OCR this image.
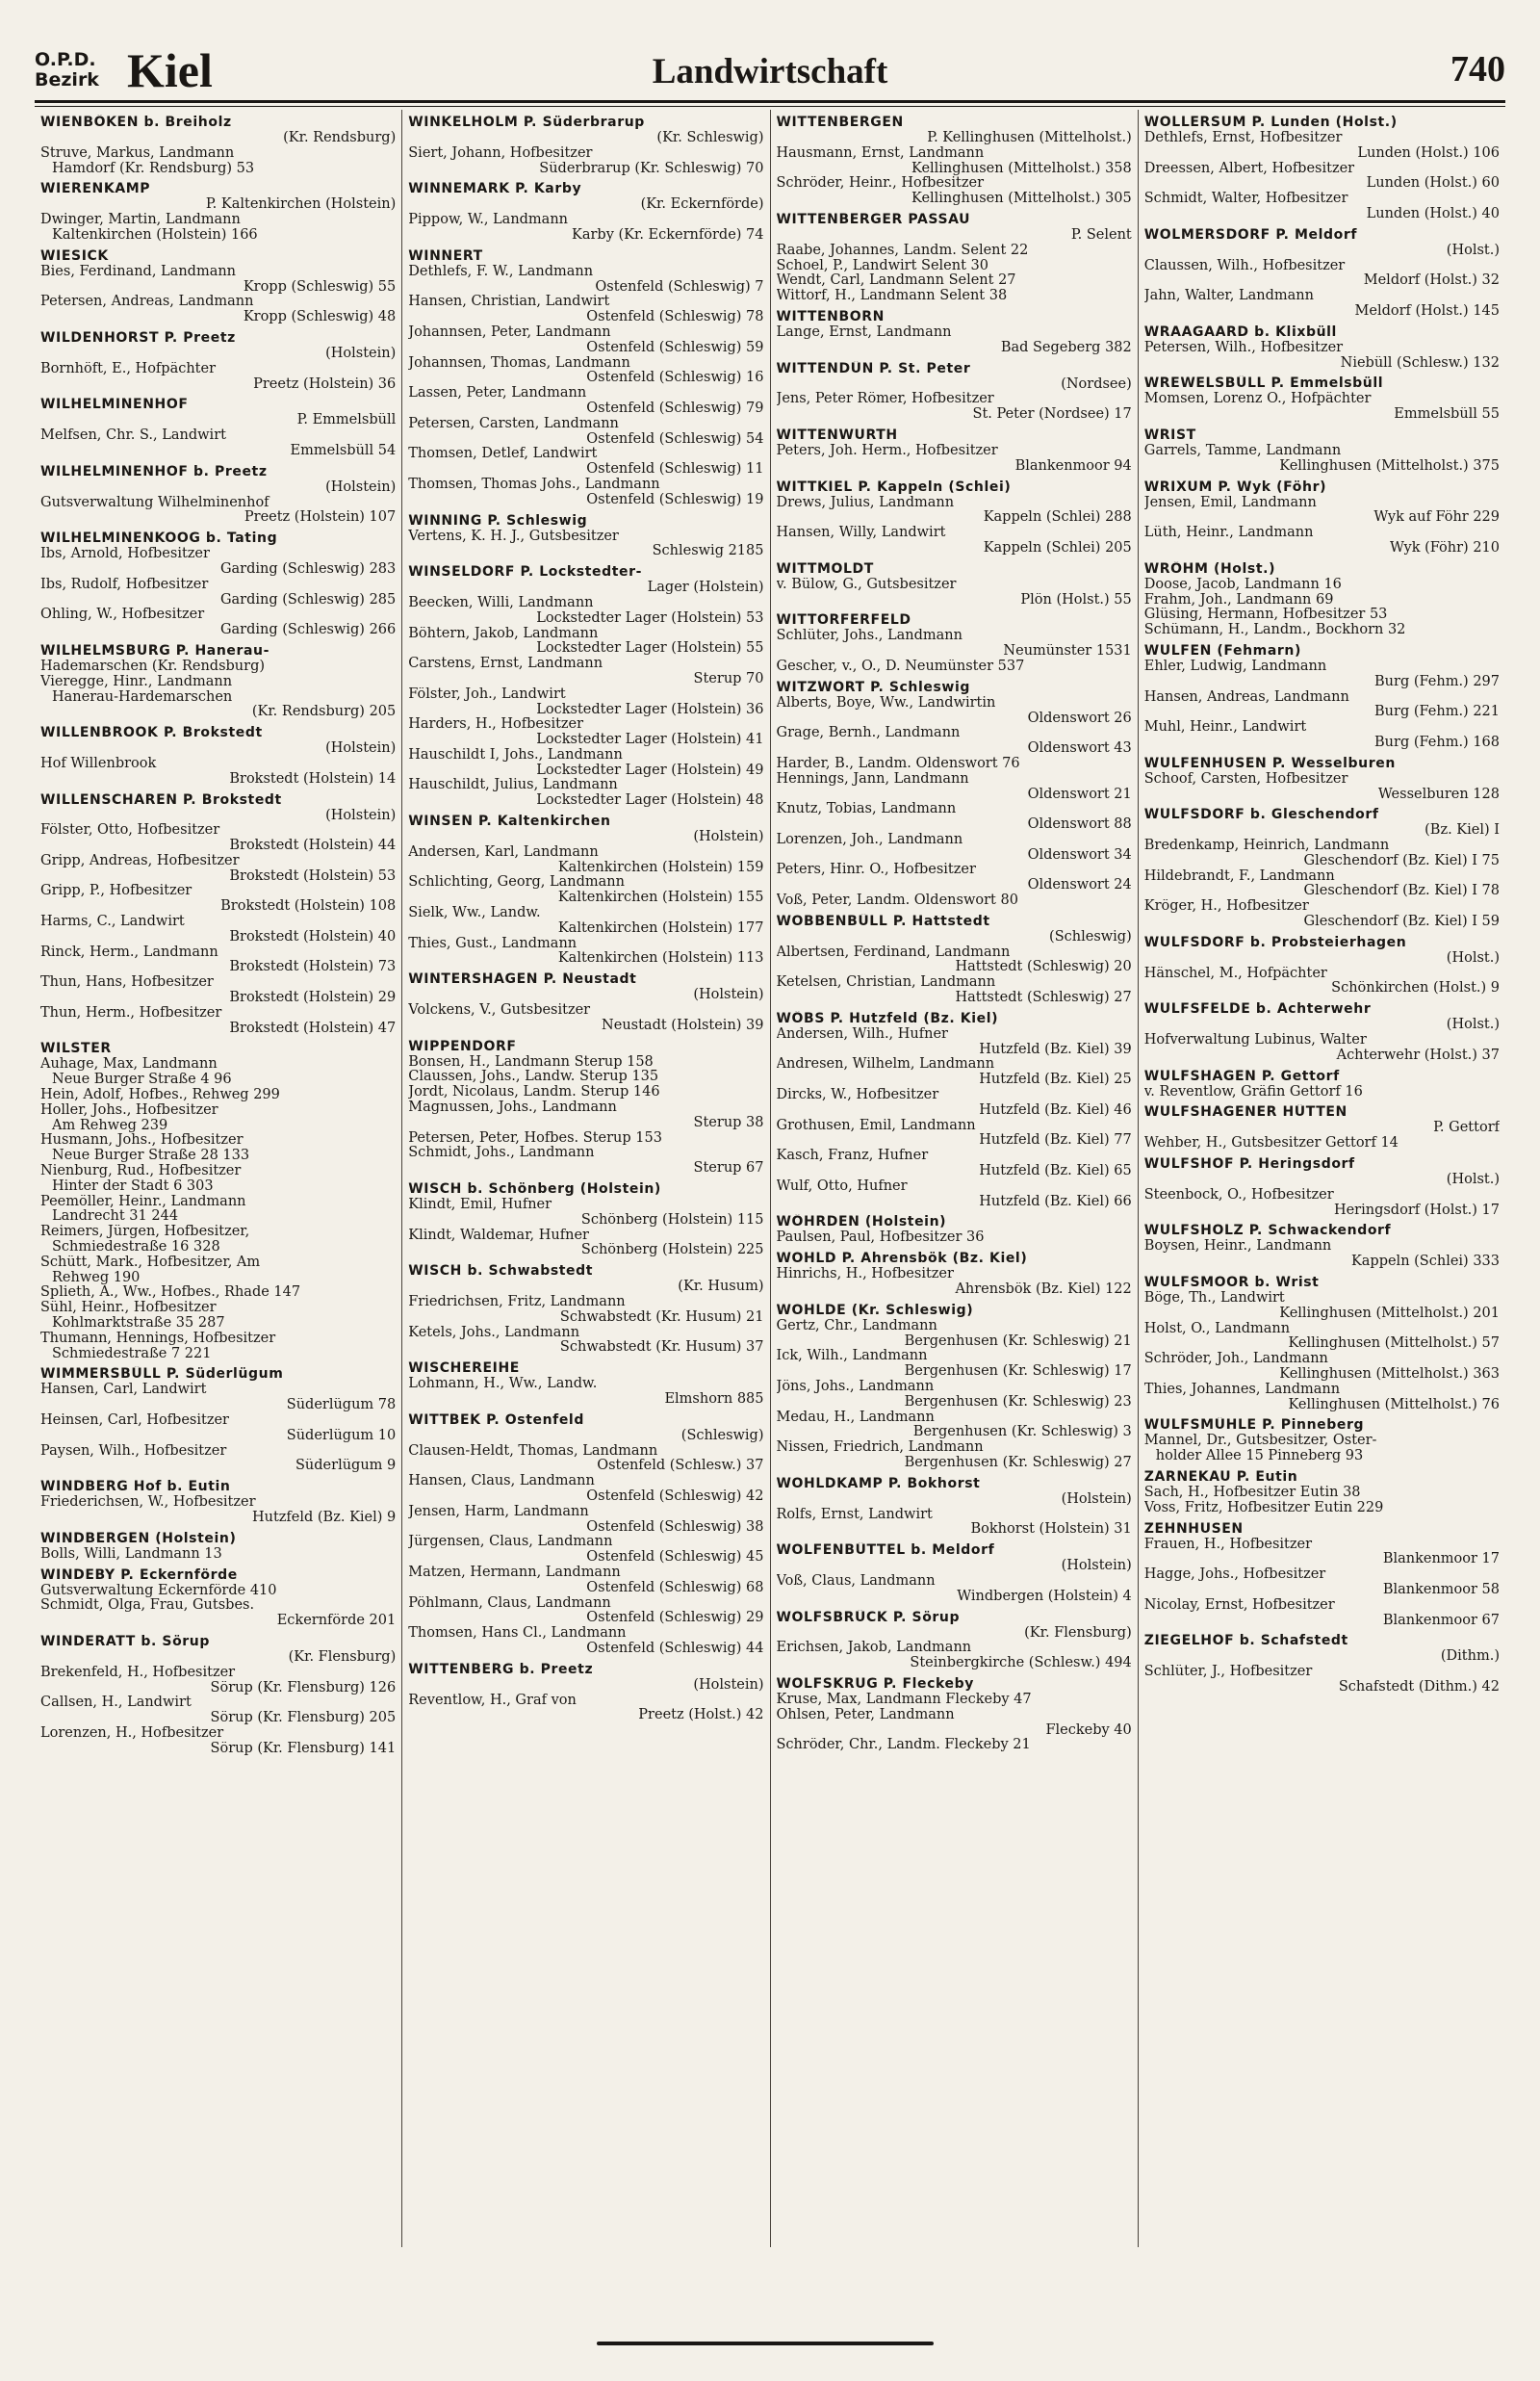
O.P.D.
Bezirk Kiel	Landwirtschaft	740
WIENBÖKEN b. Breiholz
(Kr. Rendsburg)
Struve, Markus, Landmann
Hamdorf (Kr. Rendsburg) 53
WIERENKAMP
P. Kaltenkirchen (Holstein)
Dwinger, Martin, Landmann
Kaltenkirchen (Holstein) 166
WIESICK
Bies, Ferdinand, Landmann
Kropp (Schleswig) 55
Petersen, Andreas, Landmann
Kropp (Schleswig) 48
WILDENHORST P. Preetz
(Holstein)
Bornhöft, E., Hofpächter
Preetz (Holstein) 36
WILHELMINENHOF
P. Emmelsbüll
Melfsen, Chr. S., Landwirt
Emmelsbüll 54
WILHELMINENHOF b. Preetz
(Holstein)
Gutsverwaltung Wilhelminenhof
Preetz (Holstein) 107
WILHELMINENKOOG b. Tating
Ibs, Arnold, Hofbesitzer
Garding (Schleswig) 283
Ibs, Rudolf, Hofbesitzer
Garding (Schleswig) 285
Ohling, W., Hofbesitzer
Garding (Schleswig) 266
WILHELMSBURG P. Hanerau-
Hademarschen (Kr. Rendsburg)
Vieregge, Hinr., Landmann
Hanerau-Hardemarschen
(Kr. Rendsburg) 205
WILLENBROOK P. Brokstedt
(Holstein)
Hof Willenbrook
Brokstedt (Holstein) 14
WILLENSCHAREN P. Brokstedt
(Holstein)
Fölster, Otto, Hofbesitzer
Brokstedt (Holstein) 44
Gripp, Andreas, Hofbesitzer
Brokstedt (Holstein) 53
Gripp, P., Hofbesitzer
Brokstedt (Holstein) 108
Harms, C., Landwirt
Brokstedt (Holstein) 40
Rinck, Herm., Landmann
Brokstedt (Holstein) 73
Thun, Hans, Hofbesitzer
Brokstedt (Holstein) 29
Thun, Herm., Hofbesitzer
Brokstedt (Holstein) 47
WILSTER
Auhage, Max, Landmann
Neue Burger Straße 4 96
Hein, Adolf, Hofbes., Rehweg 299
Holler, Johs., Hofbesitzer
Am Rehweg 239
Husmann, Johs., Hofbesitzer
Neue Burger Straße 28 133
Nienburg, Rud., Hofbesitzer
Hinter der Stadt 6 303
Peemöller, Heinr., Landmann
Landrecht 31 244
Reimers, Jürgen, Hofbesitzer,
Schmiedestraße 16 328
Schütt, Mark., Hofbesitzer, Am
Rehweg 190
Splieth, A., Ww., Hofbes., Rhade 147
Sühl, Heinr., Hofbesitzer
Kohlmarktstraße 35 287
Thumann, Hennings, Hofbesitzer
Schmiedestraße 7 221
WIMMERSBÜLL P. Süderlügum
Hansen, Carl, Landwirt
Süderlügum 78
Heinsen, Carl, Hofbesitzer
Süderlügum 10
Paysen, Wilh., Hofbesitzer
Süderlügum 9
WINDBERG Hof b. Eutin
Friederichsen, W., Hofbesitzer
Hutzfeld (Bz. Kiel) 9
WINDBERGEN (Holstein)
Bolls, Willi, Landmann 13
WINDEBY P. Eckernförde
Gutsverwaltung Eckernförde 410
Schmidt, Olga, Frau, Gutsbes.
Eckernförde 201
WINDERATT b. Sörup
(Kr. Flensburg)
Brekenfeld, H., Hofbesitzer
Sörup (Kr. Flensburg) 126
Callsen, H., Landwirt
Sörup (Kr. Flensburg) 205
Lorenzen, H., Hofbesitzer
Sörup (Kr. Flensburg) 141
WINKELHOLM P. Süderbrarup
(Kr. Schleswig)
Siert, Johann, Hofbesitzer
Süderbrarup (Kr. Schleswig) 70
WINNEMARK P. Karby
(Kr. Eckernförde)
Pippow, W., Landmann
Karby (Kr. Eckernförde) 74
WINNERT
Dethlefs, F. W., Landmann
Ostenfeld (Schleswig) 7
Hansen, Christian, Landwirt
Ostenfeld (Schleswig) 78
Johannsen, Peter, Landmann
Ostenfeld (Schleswig) 59
Johannsen, Thomas, Landmann
Ostenfeld (Schleswig) 16
Lassen, Peter, Landmann
Ostenfeld (Schleswig) 79
Petersen, Carsten, Landmann
Ostenfeld (Schleswig) 54
Thomsen, Detlef, Landwirt
Ostenfeld (Schleswig) 11
Thomsen, Thomas Johs., Landmann
Ostenfeld (Schleswig) 19
WINNING P. Schleswig
Vertens, K. H. J., Gutsbesitzer
Schleswig 2185
WINSELDORF P. Lockstedter-
Lager (Holstein)
Beecken, Willi, Landmann
Lockstedter Lager (Holstein) 53
Böhtern, Jakob, Landmann
Lockstedter Lager (Holstein) 55
Carstens, Ernst, Landmann
Sterup 70
Fölster, Joh., Landwirt
Lockstedter Lager (Holstein) 36
Harders, H., Hofbesitzer
Lockstedter Lager (Holstein) 41
Hauschildt I, Johs., Landmann
Lockstedter Lager (Holstein) 49
Hauschildt, Julius, Landmann
Lockstedter Lager (Holstein) 48
WINSEN P. Kaltenkirchen
(Holstein)
Andersen, Karl, Landmann
Kaltenkirchen (Holstein) 159
Schlichting, Georg, Landmann
Kaltenkirchen (Holstein) 155
Sielk, Ww., Landw.
Kaltenkirchen (Holstein) 177
Thies, Gust., Landmann
Kaltenkirchen (Holstein) 113
WINTERSHAGEN P. Neustadt
(Holstein)
Volckens, V., Gutsbesitzer
Neustadt (Holstein) 39
WIPPENDORF
Bonsen, H., Landmann Sterup 158
Claussen, Johs., Landw. Sterup 135
Jordt, Nicolaus, Landm. Sterup 146
Magnussen, Johs., Landmann
Sterup 38
Petersen, Peter, Hofbes. Sterup 153
Schmidt, Johs., Landmann
Sterup 67
WISCH b. Schönberg (Holstein)
Klindt, Emil, Hufner
Schönberg (Holstein) 115
Klindt, Waldemar, Hufner
Schönberg (Holstein) 225
WISCH b. Schwabstedt
(Kr. Husum)
Friedrichsen, Fritz, Landmann
Schwabstedt (Kr. Husum) 21
Ketels, Johs., Landmann
Schwabstedt (Kr. Husum) 37
WISCHEREIHE
Lohmann, H., Ww., Landw.
Elmshorn 885
WITTBEK P. Ostenfeld
(Schleswig)
Clausen-Heldt, Thomas, Landmann
Ostenfeld (Schlesw.) 37
Hansen, Claus, Landmann
Ostenfeld (Schleswig) 42
Jensen, Harm, Landmann
Ostenfeld (Schleswig) 38
Jürgensen, Claus, Landmann
Ostenfeld (Schleswig) 45
Matzen, Hermann, Landmann
Ostenfeld (Schleswig) 68
Pöhlmann, Claus, Landmann
Ostenfeld (Schleswig) 29
Thomsen, Hans Cl., Landmann
Ostenfeld (Schleswig) 44
WITTENBERG b. Preetz
(Holstein)
Reventlow, H., Graf von
Preetz (Holst.) 42
WITTENBERGEN
P. Kellinghusen (Mittelholst.)
Hausmann, Ernst, Landmann
Kellinghusen (Mittelholst.) 358
Schröder, Heinr., Hofbesitzer
Kellinghusen (Mittelholst.) 305
WITTENBERGER PASSAU
P. Selent
Raabe, Johannes, Landm. Selent 22
Schoel, P., Landwirt Selent 30
Wendt, Carl, Landmann Selent 27
Wittorf, H., Landmann Selent 38
WITTENBORN
Lange, Ernst, Landmann
Bad Segeberg 382
WITTENDÜN P. St. Peter
(Nordsee)
Jens, Peter Römer, Hofbesitzer
St. Peter (Nordsee) 17
WITTENWURTH
Peters, Joh. Herm., Hofbesitzer
Blankenmoor 94
WITTKIEL P. Kappeln (Schlei)
Drews, Julius, Landmann
Kappeln (Schlei) 288
Hansen, Willy, Landwirt
Kappeln (Schlei) 205
WITTMOLDT
v. Bülow, G., Gutsbesitzer
Plön (Holst.) 55
WITTORFERFELD
Schlüter, Johs., Landmann
Neumünster 1531
Gescher, v., O., D. Neumünster 537
WITZWORT P. Schleswig
Alberts, Boye, Ww., Landwirtin
Oldenswort 26
Grage, Bernh., Landmann
Oldenswort 43
Harder, B., Landm. Oldenswort 76
Hennings, Jann, Landmann
Oldenswort 21
Knutz, Tobias, Landmann
Oldenswort 88
Lorenzen, Joh., Landmann
Oldenswort 34
Peters, Hinr. O., Hofbesitzer
Oldenswort 24
Voß, Peter, Landm. Oldenswort 80
WOBBENBÜLL P. Hattstedt
(Schleswig)
Albertsen, Ferdinand, Landmann
Hattstedt (Schleswig) 20
Ketelsen, Christian, Landmann
Hattstedt (Schleswig) 27
WÖBS P. Hutzfeld (Bz. Kiel)
Andersen, Wilh., Hufner
Hutzfeld (Bz. Kiel) 39
Andresen, Wilhelm, Landmann
Hutzfeld (Bz. Kiel) 25
Dircks, W., Hofbesitzer
Hutzfeld (Bz. Kiel) 46
Grothusen, Emil, Landmann
Hutzfeld (Bz. Kiel) 77
Kasch, Franz, Hufner
Hutzfeld (Bz. Kiel) 65
Wulf, Otto, Hufner
Hutzfeld (Bz. Kiel) 66
WÖHRDEN (Holstein)
Paulsen, Paul, Hofbesitzer 36
WOHLD P. Ahrensbök (Bz. Kiel)
Hinrichs, H., Hofbesitzer
Ahrensbök (Bz. Kiel) 122
WOHLDE (Kr. Schleswig)
Gertz, Chr., Landmann
Bergenhusen (Kr. Schleswig) 21
Ick, Wilh., Landmann
Bergenhusen (Kr. Schleswig) 17
Jöns, Johs., Landmann
Bergenhusen (Kr. Schleswig) 23
Medau, H., Landmann
Bergenhusen (Kr. Schleswig) 3
Nissen, Friedrich, Landmann
Bergenhusen (Kr. Schleswig) 27
WOHLDKAMP P. Bokhorst
(Holstein)
Rolfs, Ernst, Landwirt
Bokhorst (Holstein) 31
WOLFENBÜTTEL b. Meldorf
(Holstein)
Voß, Claus, Landmann
Windbergen (Holstein) 4
WOLFSBRÜCK P. Sörup
(Kr. Flensburg)
Erichsen, Jakob, Landmann
Steinbergkirche (Schlesw.) 494
WOLFSKRUG P. Fleckeby
Kruse, Max, Landmann Fleckeby 47
Ohlsen, Peter, Landmann
Fleckeby 40
Schröder, Chr., Landm. Fleckeby 21
WOLLERSUM P. Lunden (Holst.)
Dethlefs, Ernst, Hofbesitzer
Lunden (Holst.) 106
Dreessen, Albert, Hofbesitzer
Lunden (Holst.) 60
Schmidt, Walter, Hofbesitzer
Lunden (Holst.) 40
WOLMERSDORF P. Meldorf
(Holst.)
Claussen, Wilh., Hofbesitzer
Meldorf (Holst.) 32
Jahn, Walter, Landmann
Meldorf (Holst.) 145
WRAAGAARD b. Klixbüll
Petersen, Wilh., Hofbesitzer
Niebüll (Schlesw.) 132
WREWELSBÜLL P. Emmelsbüll
Momsen, Lorenz O., Hofpächter
Emmelsbüll 55
WRIST
Garrels, Tamme, Landmann
Kellinghusen (Mittelholst.) 375
WRIXUM P. Wyk (Föhr)
Jensen, Emil, Landmann
Wyk auf Föhr 229
Lüth, Heinr., Landmann
Wyk (Föhr) 210
WRÖHM (Holst.)
Doose, Jacob, Landmann 16
Frahm, Joh., Landmann 69
Glüsing, Hermann, Hofbesitzer 53
Schümann, H., Landm., Bockhorn 32
WULFEN (Fehmarn)
Ehler, Ludwig, Landmann
Burg (Fehm.) 297
Hansen, Andreas, Landmann
Burg (Fehm.) 221
Muhl, Heinr., Landwirt
Burg (Fehm.) 168
WULFENHUSEN P. Wesselburen
Schoof, Carsten, Hofbesitzer
Wesselburen 128
WULFSDORF b. Gleschendorf
(Bz. Kiel) I
Bredenkamp, Heinrich, Landmann
Gleschendorf (Bz. Kiel) I 75
Hildebrandt, F., Landmann
Gleschendorf (Bz. Kiel) I 78
Kröger, H., Hofbesitzer
Gleschendorf (Bz. Kiel) I 59
WULFSDORF b. Probsteierhagen
(Holst.)
Hänschel, M., Hofpächter
Schönkirchen (Holst.) 9
WULFSFELDE b. Achterwehr
(Holst.)
Hofverwaltung Lubinus, Walter
Achterwehr (Holst.) 37
WULFSHAGEN P. Gettorf
v. Reventlow, Gräfin Gettorf 16
WULFSHAGENER HÜTTEN
P. Gettorf
Wehber, H., Gutsbesitzer Gettorf 14
WULFSHOF P. Heringsdorf
(Holst.)
Steenbock, O., Hofbesitzer
Heringsdorf (Holst.) 17
WULFSHOLZ P. Schwackendorf
Boysen, Heinr., Landmann
Kappeln (Schlei) 333
WULFSMOOR b. Wrist
Böge, Th., Landwirt
Kellinghusen (Mittelholst.) 201
Holst, O., Landmann
Kellinghusen (Mittelholst.) 57
Schröder, Joh., Landmann
Kellinghusen (Mittelholst.) 363
Thies, Johannes, Landmann
Kellinghusen (Mittelholst.) 76
WULFSMÜHLE P. Pinneberg
Mannel, Dr., Gutsbesitzer, Oster-
holder Allee 15 Pinneberg 93
ZARNEKAU P. Eutin
Sach, H., Hofbesitzer Eutin 38
Voss, Fritz, Hofbesitzer Eutin 229
ZEHNHUSEN
Frauen, H., Hofbesitzer
Blankenmoor 17
Hagge, Johs., Hofbesitzer
Blankenmoor 58
Nicolay, Ernst, Hofbesitzer
Blankenmoor 67
ZIEGELHOF b. Schafstedt
(Dithm.)
Schlüter, J., Hofbesitzer
Schafstedt (Dithm.) 42
